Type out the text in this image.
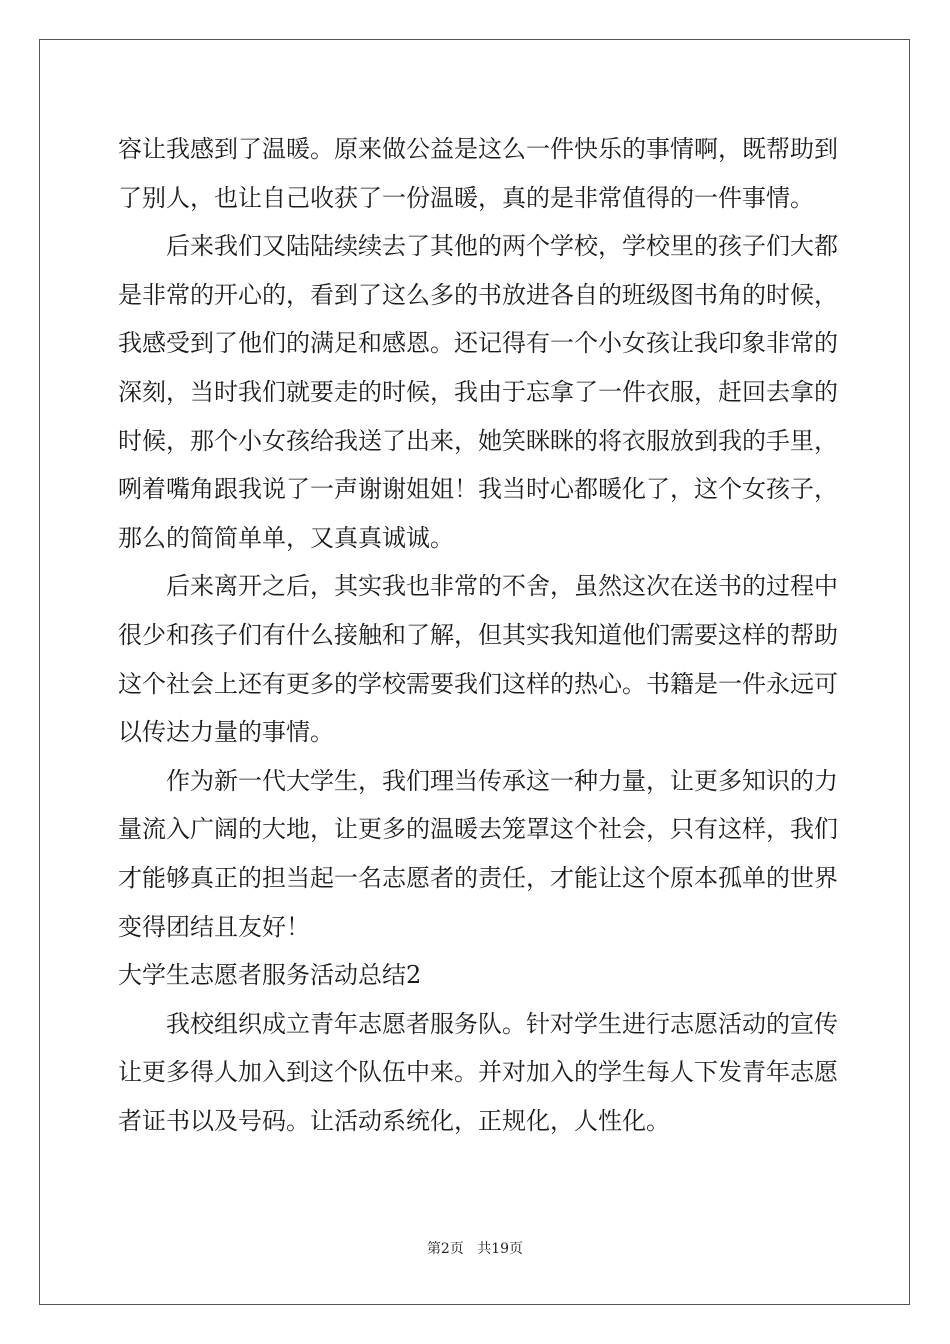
容让我感到了温暖。原来做公益是这么一件快乐的事情啊，既帮助到
了别人，也让自己收获了一份温暖，真的是非常值得的一件事情。
后来我们又陆陆续续去了其他的两个学校，学校里的孩子们大都
是非常的开心的，看到了这么多的书放进各自的班级图书角的时候，
我感受到了他们的满足和感恩。还记得有一个小女孩让我印象非常的
深刻，当时我们就要走的时候，我由于忘拿了一件衣服，赶回去拿的
时候，那个小女孩给我送了出来，她笑眯眯的将衣服放到我的手里，
咧着嘴角跟我说了一声谢谢姐姐！我当时心都暖化了，这个女孩子，
那么的简简单单，又真真诚诚。
后来离开之后，其实我也非常的不舍，虽然这次在送书的过程中
很少和孩子们有什么接触和了解，但其实我知道他们需要这样的帮助
这个社会上还有更多的学校需要我们这样的热心。书籍是一件永远可
以传达力量的事情。
作为新一代大学生，我们理当传承这一种力量，让更多知识的力
量流入广阔的大地，让更多的温暖去笼罩这个社会，只有这样，我们
才能够真正的担当起一名志愿者的责任，才能让这个原本孤单的世界
变得团结且友好！
大学生志愿者服务活动总结2
我校组织成立青年志愿者服务队。针对学生进行志愿活动的宣传
让更多得人加入到这个队伍中来。并对加入的学生每人下发青年志愿
者证书以及号码。让活动系统化，正规化，人性化。
第2页 共19页
